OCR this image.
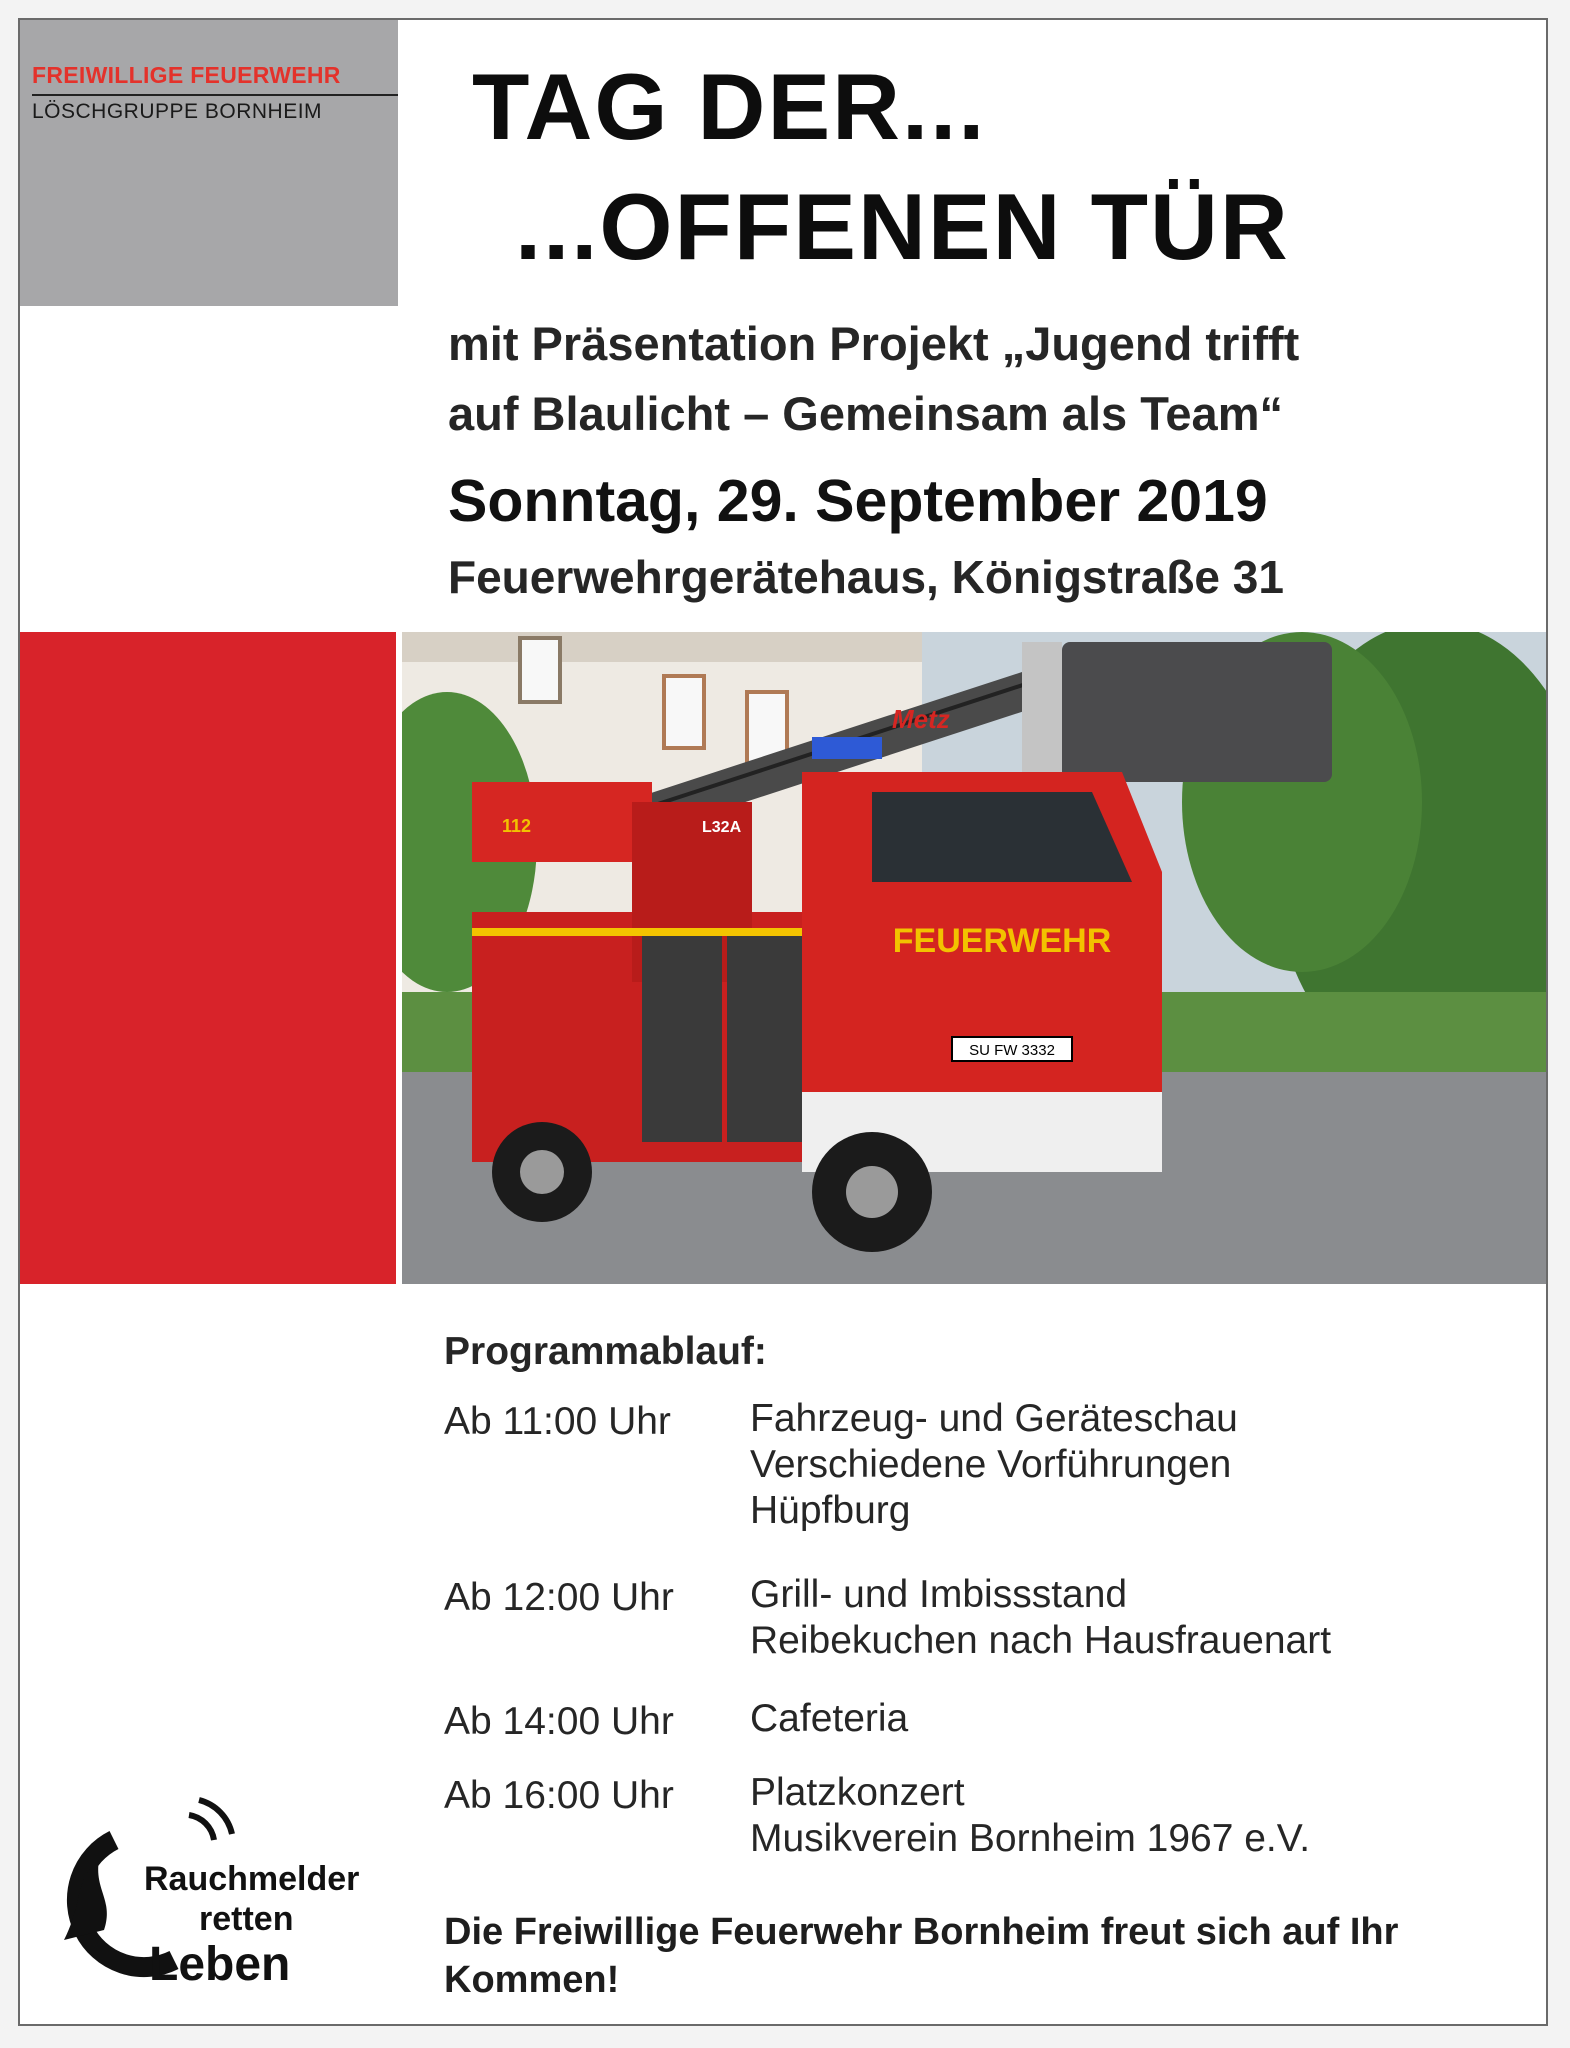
FREIWILLIGE FEUERWEHR
LÖSCHGRUPPE BORNHEIM	TAG DER...
...OFFENEN TÜR
mit Präsentation Projekt „Jugend trifft
auf Blaulicht – Gemeinsam als Team“
Sonntag, 29. September 2019
Feuerwehrgerätehaus, Königstraße 31
FEUERWEHR
Metz
112	L32A
SU FW 3332
Programmablauf:
Ab 11:00 Uhr Fahrzeug- und Geräteschau
Verschiedene Vorführungen
Hüpfburg
Ab 12:00 Uhr Grill- und Imbissstand
Reibekuchen nach Hausfrauenart
Ab 14:00 Uhr Cafeteria
Ab 16:00 Uhr Platzkonzert
Musikverein Bornheim 1967 e.V.
Die Freiwillige Feuerwehr Bornheim freut sich auf Ihr Kommen!
Rauchmelder
retten
Leben
